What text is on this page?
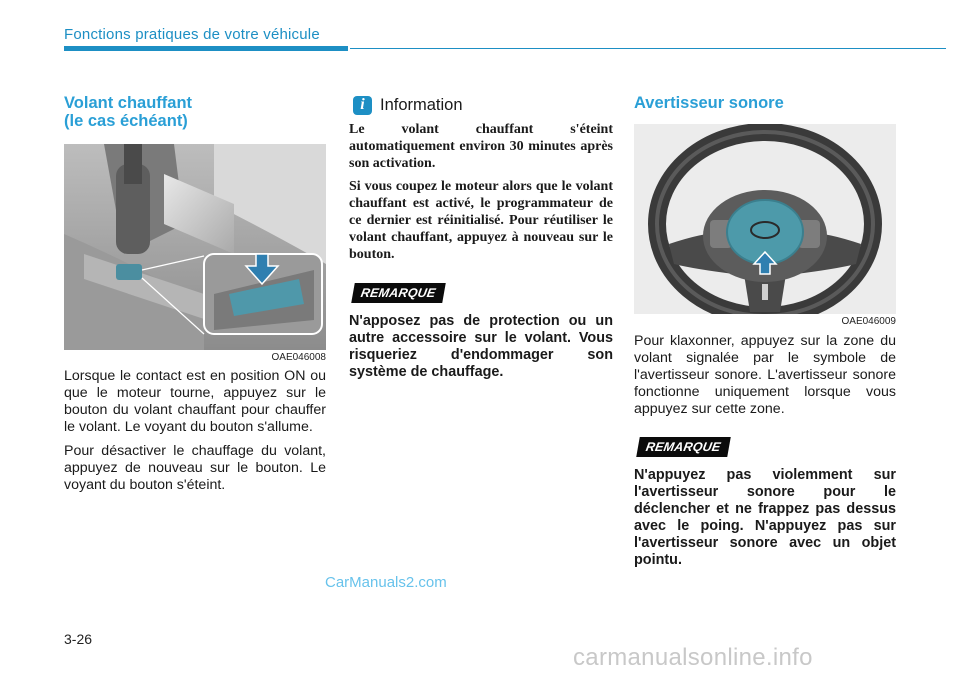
Fonctions pratiques de votre véhicule
Volant chauffant
(le cas échéant)
OAE046008

Lorsque le contact est en position ON ou que le moteur tourne, appuyez sur le bouton du volant chauffant pour chauffer le volant. Le voyant du bouton s'allume.

Pour désactiver le chauffage du volant, appuyez de nouveau sur le bouton. Le voyant du bouton s'éteint.

i Information

Le volant chauffant s'éteint automatiquement environ 30 minutes après son activation.

Si vous coupez le moteur alors que le volant chauffant est activé, le programmateur de ce dernier est réinitialisé. Pour réutiliser le volant chauffant, appuyez à nouveau sur le bouton.

REMARQUE

N'apposez pas de protection ou un autre accessoire sur le volant. Vous risqueriez d'endommager son système de chauffage.

Avertisseur sonore
OAE046009

Pour klaxonner, appuyez sur la zone du volant signalée par le symbole de l'avertisseur sonore. L'avertisseur sonore fonctionne uniquement lorsque vous appuyez sur cette zone.

REMARQUE

N'appuyez pas violemment sur l'avertisseur sonore pour le déclencher et ne frappez pas dessus avec le poing. N'appuyez pas sur l'avertisseur sonore avec un objet pointu.

3-26
CarManuals2.com
carmanualsonline.info
